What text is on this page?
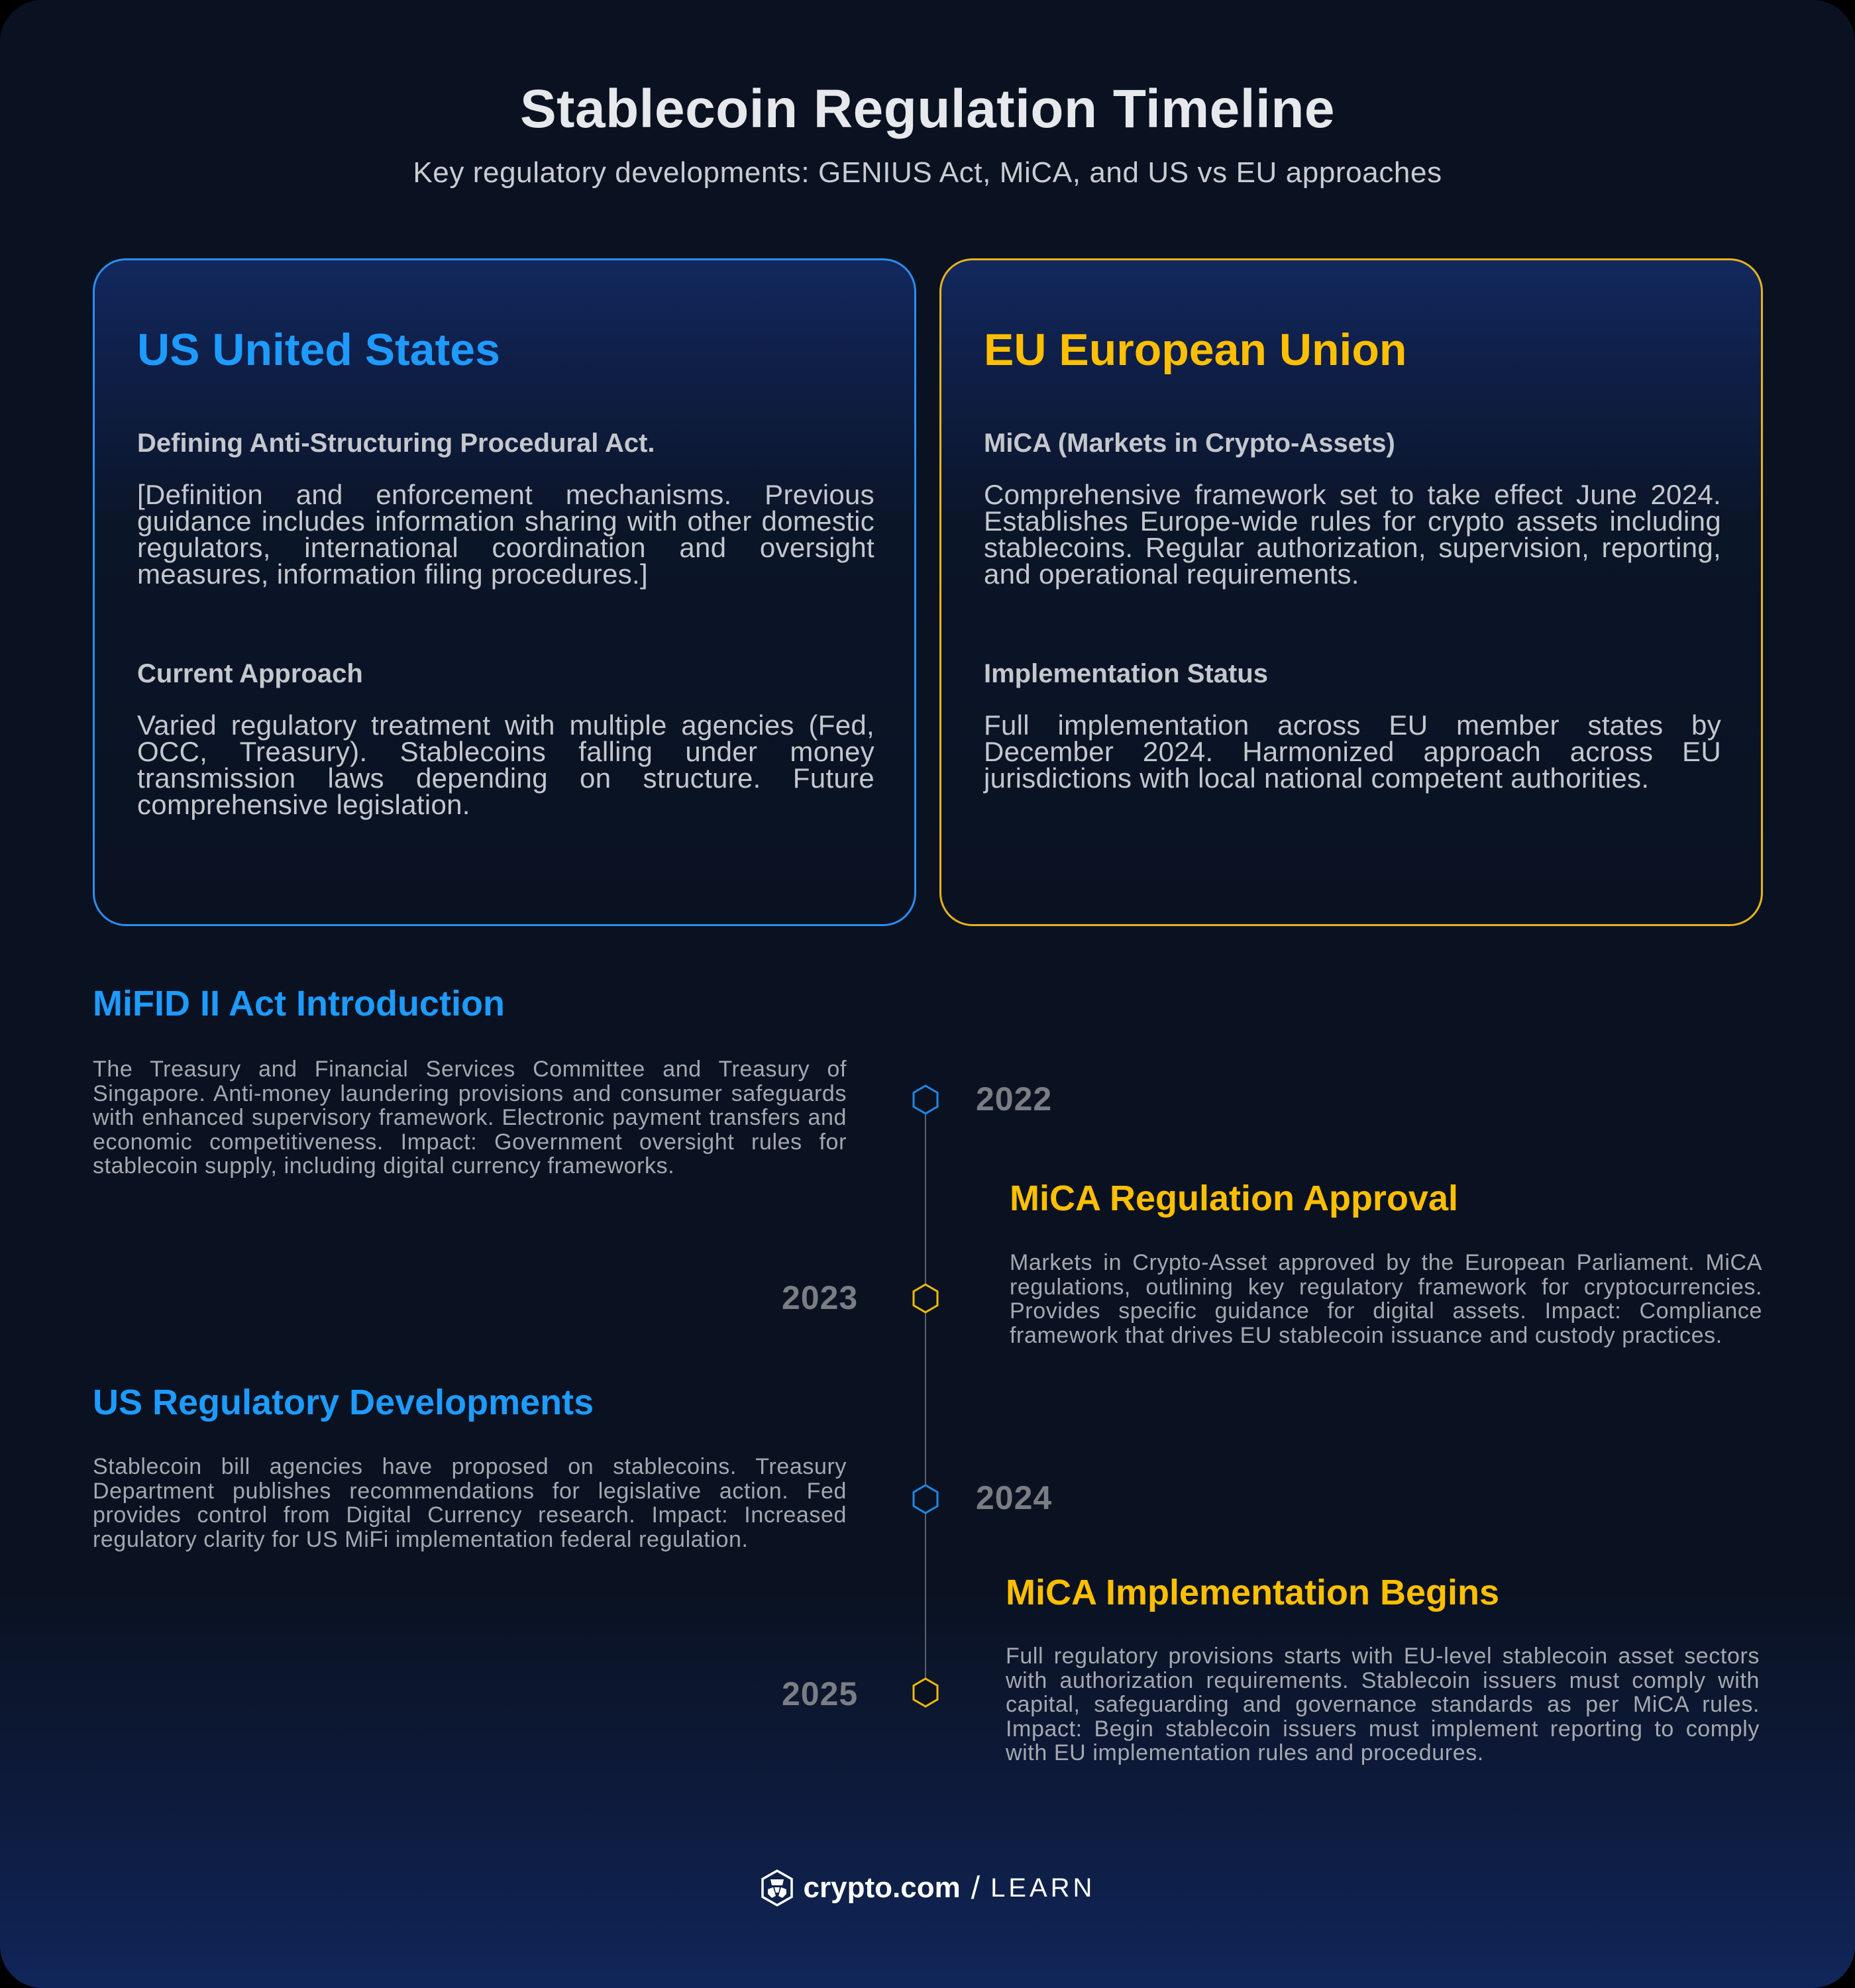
Stablecoin Regulation Timeline
Key regulatory developments: GENIUS Act, MiCA, and US vs EU approaches
US United States
Defining Anti-Structuring Procedural Act.
[Definition and enforcement mechanisms. Previous guidance includes information sharing with other domestic regulators, international coordination and oversight measures, information filing procedures.]
Current Approach
Varied regulatory treatment with multiple agencies (Fed, OCC, Treasury). Stablecoins falling under money transmission laws depending on structure. Future comprehensive legislation.
EU European Union
MiCA (Markets in Crypto-Assets)
Comprehensive framework set to take effect June 2024. Establishes Europe-wide rules for crypto assets including stablecoins. Regular authorization, supervision, reporting, and operational requirements.
Implementation Status
Full implementation across EU member states by December 2024. Harmonized approach across EU jurisdictions with local national competent authorities.
2022
2023
2024
2025
MiFID II Act Introduction
The Treasury and Financial Services Committee and Treasury of Singapore. Anti-money laundering provisions and consumer safeguards with enhanced supervisory framework. Electronic payment transfers and economic competitiveness. Impact: Government oversight rules for stablecoin supply, including digital currency frameworks.
MiCA Regulation Approval
Markets in Crypto-Asset approved by the European Parliament. MiCA regulations, outlining key regulatory framework for cryptocurrencies. Provides specific guidance for digital assets. Impact: Compliance framework that drives EU stablecoin issuance and custody practices.
US Regulatory Developments
Stablecoin bill agencies have proposed on stablecoins. Treasury Department publishes recommendations for legislative action. Fed provides control from Digital Currency research. Impact: Increased regulatory clarity for US MiFi implementation federal regulation.
MiCA Implementation Begins
Full regulatory provisions starts with EU-level stablecoin asset sectors with authorization requirements. Stablecoin issuers must comply with capital, safeguarding and governance standards as per MiCA rules. Impact: Begin stablecoin issuers must implement reporting to comply with EU implementation rules and procedures.
crypto.com / LEARN
